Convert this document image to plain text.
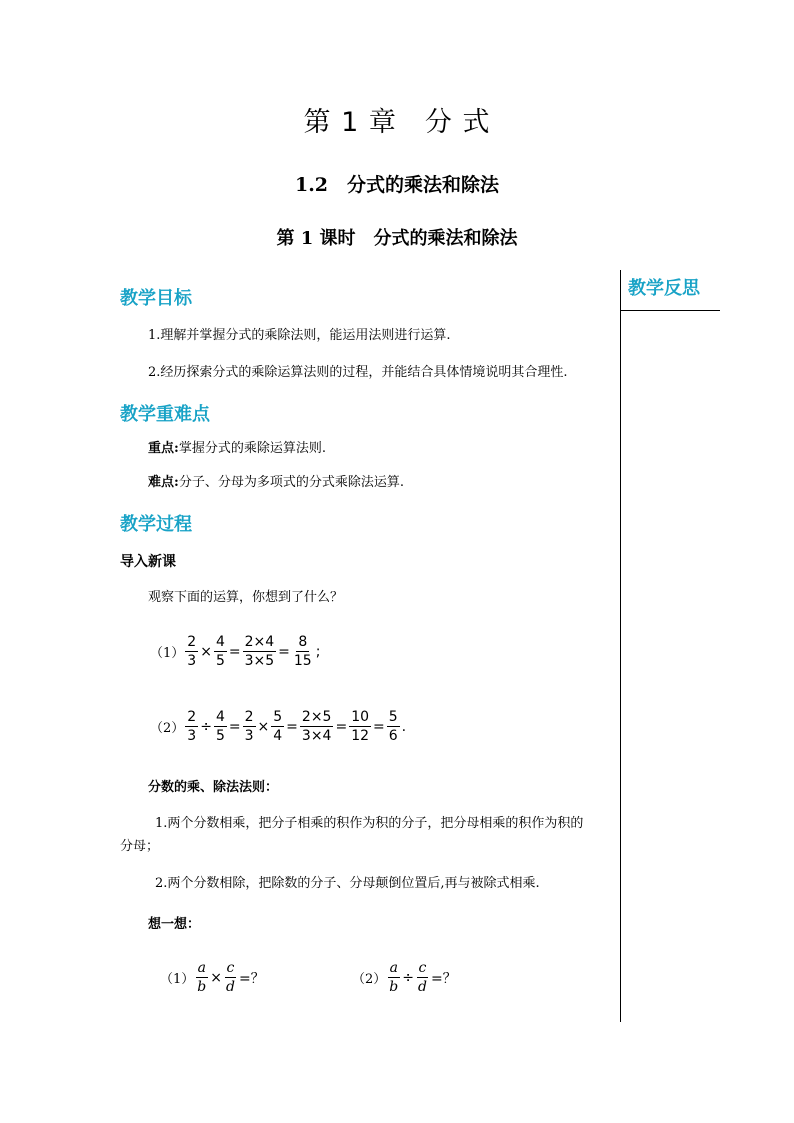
第 1 章　分 式
1.2　分式的乘法和除法
第 1 课时　分式的乘法和除法
教学反思
教学目标
1.理解并掌握分式的乘除法则，能运用法则进行运算.
2.经历探索分式的乘除运算法则的过程，并能结合具体情境说明其合理性.
教学重难点
重点:掌握分式的乘除运算法则.
难点:分子、分母为多项式的分式乘除法运算.
教学过程
导入新课
观察下面的运算，你想到了什么？
$(1) \frac{2}{3} \times \frac{4}{5} = \frac{2\times 4}{3\times 5} = \frac{8}{15}$ ;
$(2) \frac{2}{3} \div \frac{4}{5} = \frac{2}{3} \times \frac{5}{4} = \frac{2\times 5}{3\times 4} = \frac{10}{12} = \frac{5}{6}$ .
分数的乘、除法法则：
1.两个分数相乘，把分子相乘的积作为积的分子，把分母相乘的积作为积的
分母；
2.两个分数相除，把除数的分子、分母颠倒位置后,再与被除式相乘.
想一想：
$(1) \frac{a}{b} \times \frac{c}{d}$ =？	$(2) \frac{a}{b} \div \frac{c}{d}$ =？
